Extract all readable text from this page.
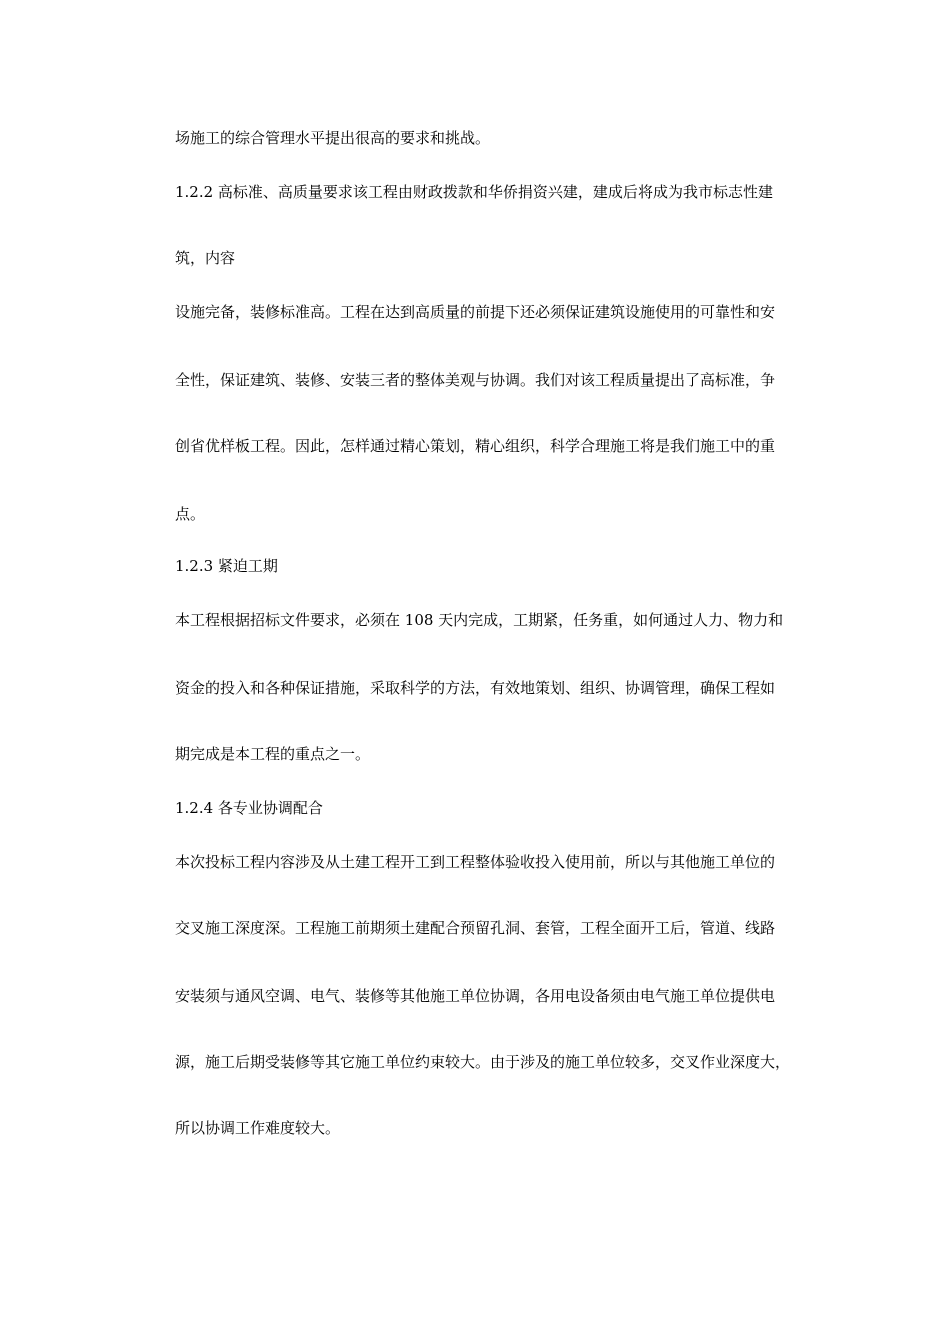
场施工的综合管理水平提出很高的要求和挑战。

1.2.2 高标准、高质量要求该工程由财政拨款和华侨捐资兴建，建成后将成为我市标志性建

筑，内容

设施完备，装修标准高。工程在达到高质量的前提下还必须保证建筑设施使用的可靠性和安

全性，保证建筑、装修、安装三者的整体美观与协调。我们对该工程质量提出了高标准，争

创省优样板工程。因此，怎样通过精心策划，精心组织，科学合理施工将是我们施工中的重

点。

1.2.3 紧迫工期

本工程根据招标文件要求，必须在 108 天内完成，工期紧，任务重，如何通过人力、物力和

资金的投入和各种保证措施，采取科学的方法，有效地策划、组织、协调管理，确保工程如

期完成是本工程的重点之一。

1.2.4 各专业协调配合

本次投标工程内容涉及从土建工程开工到工程整体验收投入使用前，所以与其他施工单位的

交叉施工深度深。工程施工前期须土建配合预留孔洞、套管，工程全面开工后，管道、线路

安装须与通风空调、电气、装修等其他施工单位协调，各用电设备须由电气施工单位提供电

源，施工后期受装修等其它施工单位约束较大。由于涉及的施工单位较多，交叉作业深度大，

所以协调工作难度较大。
